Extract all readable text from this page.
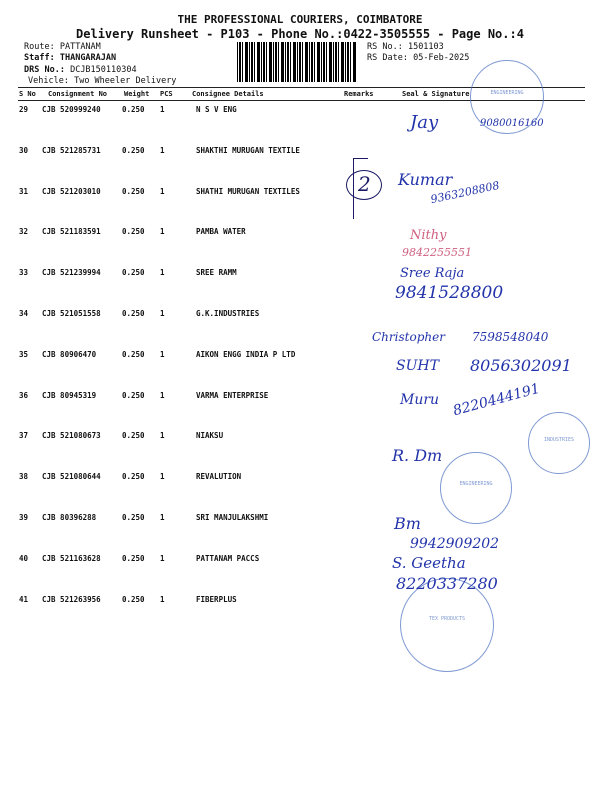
THE PROFESSIONAL COURIERS, COIMBATORE
Delivery Runsheet - P103 - Phone No.:0422-3505555 - Page No.:4
Route: PATTANAM
Staff: THANGARAJAN
DRS No.: DCJB150110304
Vehicle: Two Wheeler Delivery
RS No.: 1501103
RS Date: 05-Feb-2025
S No Consignment No Weight PCS	Consignee Details	Remarks	Seal & Signature
29 CJB 520999240	0.250 1	N S V ENG
30 CJB 521285731	0.250 1	SHAKTHI MURUGAN TEXTILE
31 CJB 521203010	0.250 1	SHATHI MURUGAN TEXTILES
32 CJB 521183591	0.250 1	PAMBA WATER
33 CJB 521239994	0.250 1	SREE RAMM
34 CJB 521051558	0.250 1	G.K.INDUSTRIES
35 CJB 80906470	0.250 1	AIKON ENGG INDIA P LTD
36 CJB 80945319	0.250 1	VARMA ENTERPRISE
37 CJB 521080673	0.250 1	NIAKSU
38 CJB 521080644	0.250 1	REVALUTION
39 CJB 80396288	0.250 1	SRI MANJULAKSHMI
40 CJB 521163628	0.250 1	PATTANAM PACCS
41 CJB 521263956	0.250 1	FIBERPLUS
ENGINEERING
INDUSTRIES
ENGINEERING
TEX PRODUCTS
2
Jay	9080016160
Kumar
9363208808
Nithy
9842255551
Sree Raja
9841528800
Christopher 7598548040
SUHT 8056302091
Muru 8220444191
R. Dm
Bm
9942909202
S. Geetha
8220337280
